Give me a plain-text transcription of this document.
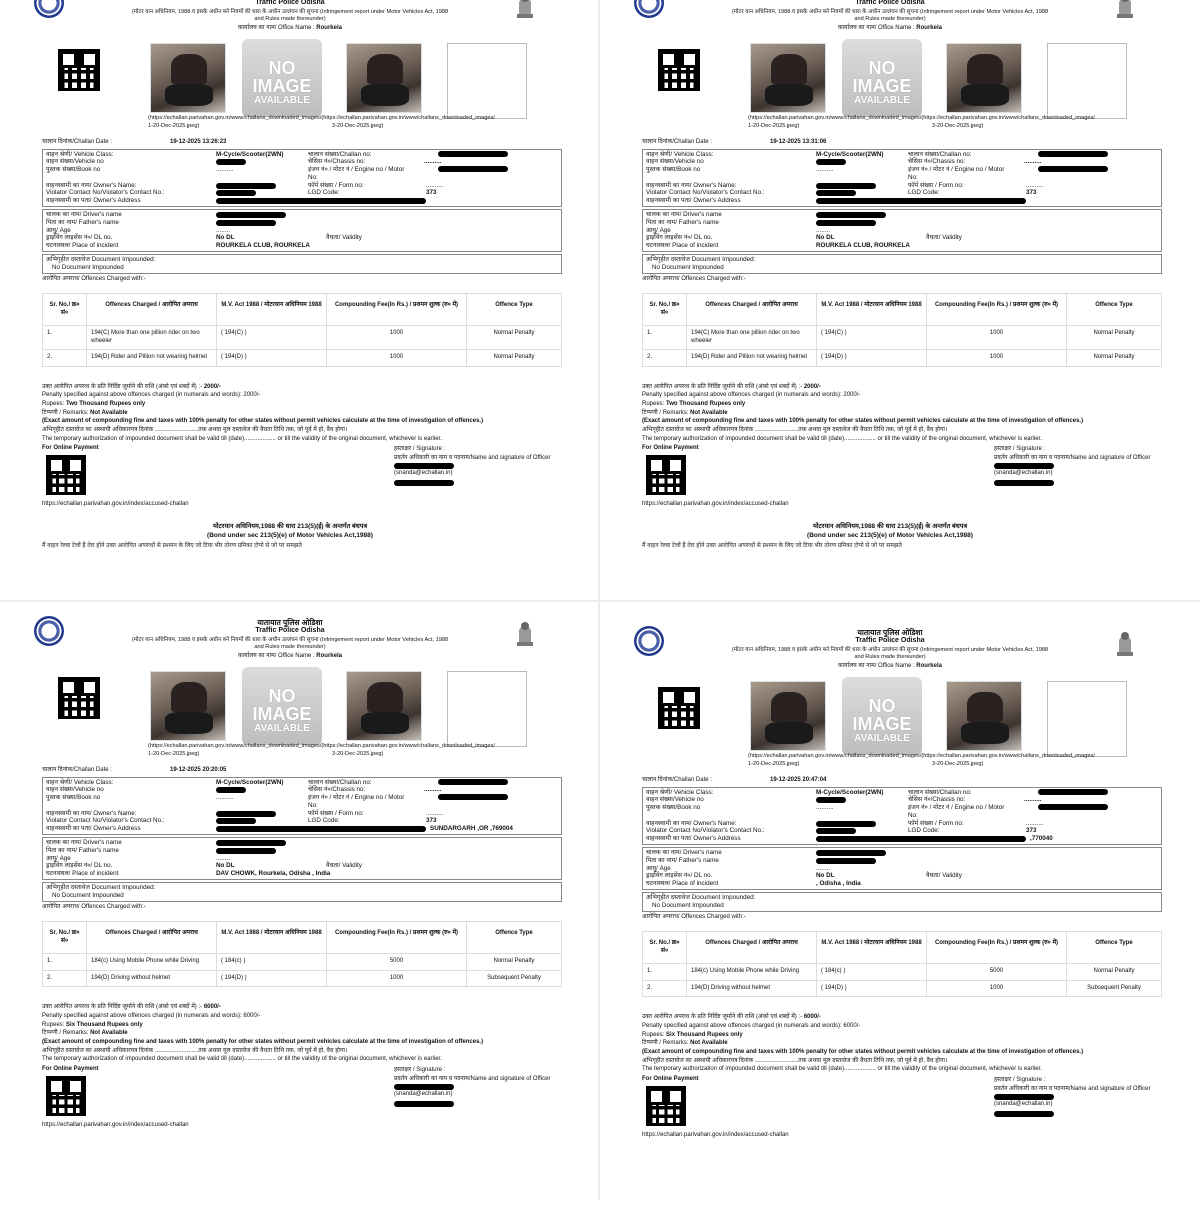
Traffic Police Odisha
(मोटर यान अधिनियम, 1988 व इसके अधीन बने नियमों की धारा के अधीन उल्लंघन की सूचना (Infringement report under Motor Vehicles Act, 1988
and Rules made thereunder)
कार्यालय का नाम/ Office Name : Rourkela
NO
IMAGE
AVAILABLE
(https://echallan.parivahan.gov.in/www/challans_downloaded_images/(https://echallan.parivahan.gov.in/www/challans_downloaded_images/
1-20-Dec-2025.jpeg)	3-20-Dec-2025.jpeg)
चालान दिनांक/Challan Date :	19-12-2025 13:26:23
वाहन श्रेणी/ Vehicle Class:	M-Cycle/Scooter(2WN)	चालान संख्या/Challan no:
वाहन संख्या/Vehicle no	चेसिस नं०/Chassis no:	..........
पुस्तक संख्या/Book no	..........	इंजन नं० / मोटर नं / Engine no / Motor
No:
वाहनस्वामी का नाम/ Owner's Name:	फॉर्म संख्या / Form no:	..........
Violator Contact No/Violator's Contact No.:	LGD Code:	373
वाहनस्वामी का पता/ Owner's Address
चालक का नाम/ Driver's name
पिता का नाम/ Father's name
आयु/ Age	........
ड्राइविंग लाइसेंस नं०/ DL no.	No DL	वैधता/ Validity
घटनास्थल/ Place of incident	ROURKELA CLUB, ROURKELA
अभिगृहीत दस्तावेज Document Impounded:
No Document Impounded
आरोपित अपराध/ Offences Charged with:-
Sr. No./ क्र० सं०	Offences Charged / आरोपित अपराध	M.V. Act 1988 / मोटरयान अधिनियम 1988	Compounding Fee(In Rs.) / प्रशमन शुल्क (रु० में)	Offence Type
1.	194(C) More than one pillion rider on two wheeler	( 194(C) )	1000	Normal Penalty
2.	194(D) Rider and Pillion not wearing helmet	( 194(D) )	1000	Normal Penalty
उक्त आरोपित अपराध के प्रति निर्दिष्ट जुर्माने की राशि (अंको एवं शब्दों में) :- 2000/-
Penalty specified against above offences charged (in numerals and words): 2000/-
Rupees: Two Thousand Rupees only
टिप्पणी / Remarks: Not Available
(Exact amount of compounding fine and taxes with 100% penalty for other states without permit vehicles calculate at the time of investigation of offences.)
अभिगृहीत दस्तावेज का अस्थायी अधिकारपत्र दिनांक ..........................तक अथवा मूल दस्तावेज की वैधता तिथि तक, जो पूर्व में हो, वैध होगा।
The temporary authorization of impounded document shall be valid till (date)................... or till the validity of the original document, whichever is earlier.
For Online Payment
https://echallan.parivahan.gov.in/index/accused-challan
हस्ताक्षर / Signature :
प्रवर्तन अधिकारी का नाम व पदनाम/Name and signature of Officer
(snanda@echallan.in)
मोटरयान अधिनियम,1988 की धारा 213(5)(ई) के अन्तर्गत बंधपत्र
(Bond under sec 213(5)(e) of Motor Vehicles Act,1988)
मैं वाहन रेल्वा टेलों हैं तेरा होने उक्त आरोपित अपराधों से प्रशमन के लिए जो टिया भीर तोरण प्रमिका टोपो से जो पर समझते
Traffic Police Odisha
(मोटर यान अधिनियम, 1988 व इसके अधीन बने नियमों की धारा के अधीन उल्लंघन की सूचना (Infringement report under Motor Vehicles Act, 1988
and Rules made thereunder)
कार्यालय का नाम/ Office Name : Rourkela
NO
IMAGE
AVAILABLE
(https://echallan.parivahan.gov.in/www/challans_downloaded_images/(https://echallan.parivahan.gov.in/www/challans_downloaded_images/
1-20-Dec-2025.jpeg)	3-20-Dec-2025.jpeg)
चालान दिनांक/Challan Date :	19-12-2025 13:31:06
वाहन श्रेणी/ Vehicle Class:	M-Cycle/Scooter(2WN)	चालान संख्या/Challan no:
वाहन संख्या/Vehicle no	चेसिस नं०/Chassis no:	..........
पुस्तक संख्या/Book no	..........	इंजन नं० / मोटर नं / Engine no / Motor
No:
वाहनस्वामी का नाम/ Owner's Name:	फॉर्म संख्या / Form no:	..........
Violator Contact No/Violator's Contact No.:	LGD Code:	373
वाहनस्वामी का पता/ Owner's Address
चालक का नाम/ Driver's name
पिता का नाम/ Father's name
आयु/ Age	........
ड्राइविंग लाइसेंस नं०/ DL no.	No DL	वैधता/ Validity
घटनास्थल/ Place of incident	ROURKELA CLUB, ROURKELA
अभिगृहीत दस्तावेज Document Impounded:
No Document Impounded
आरोपित अपराध/ Offences Charged with:-
Sr. No./ क्र० सं०	Offences Charged / आरोपित अपराध	M.V. Act 1988 / मोटरयान अधिनियम 1988	Compounding Fee(In Rs.) / प्रशमन शुल्क (रु० में)	Offence Type
1.	194(C) More than one pillion rider on two wheeler	( 194(C) )	1000	Normal Penalty
2.	194(D) Rider and Pillion not wearing helmet	( 194(D) )	1000	Normal Penalty
उक्त आरोपित अपराध के प्रति निर्दिष्ट जुर्माने की राशि (अंको एवं शब्दों में) :- 2000/-
Penalty specified against above offences charged (in numerals and words): 2000/-
Rupees: Two Thousand Rupees only
टिप्पणी / Remarks: Not Available
(Exact amount of compounding fine and taxes with 100% penalty for other states without permit vehicles calculate at the time of investigation of offences.)
अभिगृहीत दस्तावेज का अस्थायी अधिकारपत्र दिनांक ..........................तक अथवा मूल दस्तावेज की वैधता तिथि तक, जो पूर्व में हो, वैध होगा।
The temporary authorization of impounded document shall be valid till (date)................... or till the validity of the original document, whichever is earlier.
For Online Payment
https://echallan.parivahan.gov.in/index/accused-challan
हस्ताक्षर / Signature :
प्रवर्तन अधिकारी का नाम व पदनाम/Name and signature of Officer
(snanda@echallan.in)
मोटरयान अधिनियम,1988 की धारा 213(5)(ई) के अन्तर्गत बंधपत्र
(Bond under sec 213(5)(e) of Motor Vehicles Act,1988)
मैं वाहन रेल्वा टेलों हैं तेरा होने उक्त आरोपित अपराधों से प्रशमन के लिए जो टिया भीर तोरण प्रमिका टोपो से जो पर समझते
यातायात पुलिस ओडिशा
Traffic Police Odisha
(मोटर यान अधिनियम, 1988 व इसके अधीन बने नियमों की धारा के अधीन उल्लंघन की सूचना (Infringement report under Motor Vehicles Act, 1988
and Rules made thereunder)
कार्यालय का नाम/ Office Name : Rourkela
NO
IMAGE
AVAILABLE
(https://echallan.parivahan.gov.in/www/challans_downloaded_images/(https://echallan.parivahan.gov.in/www/challans_downloaded_images/
1-20-Dec-2025.jpeg)	3-20-Dec-2025.jpeg)
चालान दिनांक/Challan Date :	19-12-2025 20:20:05
वाहन श्रेणी/ Vehicle Class:	M-Cycle/Scooter(2WN)	चालान संख्या/Challan no:
वाहन संख्या/Vehicle no	चेसिस नं०/Chassis no:	..........
पुस्तक संख्या/Book no	..........	इंजन नं० / मोटर नं / Engine no / Motor
No:
वाहनस्वामी का नाम/ Owner's Name:	फॉर्म संख्या / Form no:	..........
Violator Contact No/Violator's Contact No.:	LGD Code:	373
वाहनस्वामी का पता/ Owner's Address	SUNDARGARH ,OR ,769004
चालक का नाम/ Driver's name
पिता का नाम/ Father's name
आयु/ Age	........
ड्राइविंग लाइसेंस नं०/ DL no.	No DL	वैधता/ Validity
घटनास्थल/ Place of incident	DAV CHOWK, Rourkela, Odisha , India
अभिगृहीत दस्तावेज Document Impounded:
No Document Impounded
आरोपित अपराध/ Offences Charged with:-
Sr. No./ क्र० सं०	Offences Charged / आरोपित अपराध	M.V. Act 1988 / मोटरयान अधिनियम 1988	Compounding Fee(In Rs.) / प्रशमन शुल्क (रु० में)	Offence Type
1.	184(c) Using Mobile Phone while Driving	( 184(c) )	5000	Normal Penalty
2.	194(D) Driving without helmet	( 194(D) )	1000	Subsequent Penalty
उक्त आरोपित अपराध के प्रति निर्दिष्ट जुर्माने की राशि (अंको एवं शब्दों में) :- 6000/-
Penalty specified against above offences charged (in numerals and words): 6000/-
Rupees: Six Thousand Rupees only
टिप्पणी / Remarks: Not Available
(Exact amount of compounding fine and taxes with 100% penalty for other states without permit vehicles calculate at the time of investigation of offences.)
अभिगृहीत दस्तावेज का अस्थायी अधिकारपत्र दिनांक ..........................तक अथवा मूल दस्तावेज की वैधता तिथि तक, जो पूर्व में हो, वैध होगा।
The temporary authorization of impounded document shall be valid till (date)................... or till the validity of the original document, whichever is earlier.
For Online Payment
https://echallan.parivahan.gov.in/index/accused-challan
हस्ताक्षर / Signature :
प्रवर्तन अधिकारी का नाम व पदनाम/Name and signature of Officer
(snanda@echallan.in)
यातायात पुलिस ओडिशा
Traffic Police Odisha
(मोटर यान अधिनियम, 1988 व इसके अधीन बने नियमों की धारा के अधीन उल्लंघन की सूचना (Infringement report under Motor Vehicles Act, 1988
and Rules made thereunder)
कार्यालय का नाम/ Office Name : Rourkela
NO
IMAGE
AVAILABLE
(https://echallan.parivahan.gov.in/www/challans_downloaded_images/(https://echallan.parivahan.gov.in/www/challans_downloaded_images/
1-20-Dec-2025.jpeg)	3-20-Dec-2025.jpeg)
चालान दिनांक/Challan Date :	19-12-2025 20:47:04
वाहन श्रेणी/ Vehicle Class:	M-Cycle/Scooter(2WN)	चालान संख्या/Challan no:
वाहन संख्या/Vehicle no	चेसिस नं०/Chassis no:	..........
पुस्तक संख्या/Book no	..........	इंजन नं० / मोटर नं / Engine no / Motor
No:
वाहनस्वामी का नाम/ Owner's Name:	फॉर्म संख्या / Form no:	..........
Violator Contact No/Violator's Contact No.:	LGD Code:	373
वाहनस्वामी का पता/ Owner's Address	,770040
चालक का नाम/ Driver's name
पिता का नाम/ Father's name
आयु/ Age	........
ड्राइविंग लाइसेंस नं०/ DL no.	No DL	वैधता/ Validity
घटनास्थल/ Place of incident	, Odisha , India
अभिगृहीत दस्तावेज Document Impounded:
No Document Impounded
आरोपित अपराध/ Offences Charged with:-
Sr. No./ क्र० सं०	Offences Charged / आरोपित अपराध	M.V. Act 1988 / मोटरयान अधिनियम 1988	Compounding Fee(In Rs.) / प्रशमन शुल्क (रु० में)	Offence Type
1.	184(c) Using Mobile Phone while Driving	( 184(c) )	5000	Normal Penalty
2.	194(D) Driving without helmet	( 194(D) )	1000	Subsequent Penalty
उक्त आरोपित अपराध के प्रति निर्दिष्ट जुर्माने की राशि (अंको एवं शब्दों में) :- 6000/-
Penalty specified against above offences charged (in numerals and words): 6000/-
Rupees: Six Thousand Rupees only
टिप्पणी / Remarks: Not Available
(Exact amount of compounding fine and taxes with 100% penalty for other states without permit vehicles calculate at the time of investigation of offences.)
अभिगृहीत दस्तावेज का अस्थायी अधिकारपत्र दिनांक ..........................तक अथवा मूल दस्तावेज की वैधता तिथि तक, जो पूर्व में हो, वैध होगा।
The temporary authorization of impounded document shall be valid till (date)................... or till the validity of the original document, whichever is earlier.
For Online Payment
https://echallan.parivahan.gov.in/index/accused-challan
हस्ताक्षर / Signature :
प्रवर्तन अधिकारी का नाम व पदनाम/Name and signature of Officer
(snanda@echallan.in)
